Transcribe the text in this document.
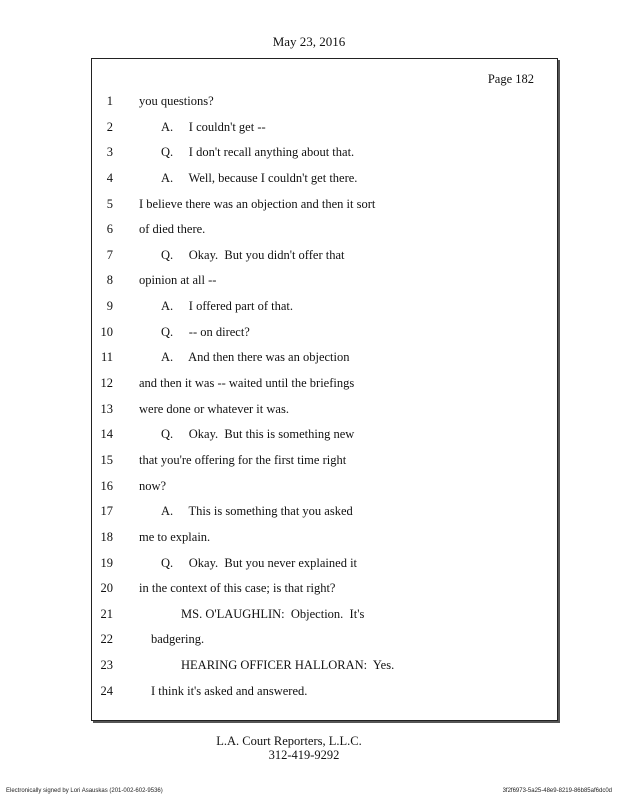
May 23, 2016
Page 182
1 you questions?
2	A.     I couldn't get --
3	Q.     I don't recall anything about that.
4	A.     Well, because I couldn't get there.
5 I believe there was an objection and then it sort
6 of died there.
7	Q.     Okay.  But you didn't offer that
8 opinion at all --
9	A.     I offered part of that.
10	Q.     -- on direct?
11	A.     And then there was an objection
12 and then it was -- waited until the briefings
13 were done or whatever it was.
14	Q.     Okay.  But this is something new
15 that you're offering for the first time right
16 now?
17	A.     This is something that you asked
18 me to explain.
19	Q.     Okay.  But you never explained it
20 in the context of this case; is that right?
21	MS. O'LAUGHLIN:  Objection.  It's
22	badgering.
23	HEARING OFFICER HALLORAN:  Yes.
24	I think it's asked and answered.
L.A. Court Reporters, L.L.C.
312-419-9292
Electronically signed by Lori Asauskas (201-002-602-9536)	3f2f6973-5a25-48e9-8219-86b85af6dc0d
